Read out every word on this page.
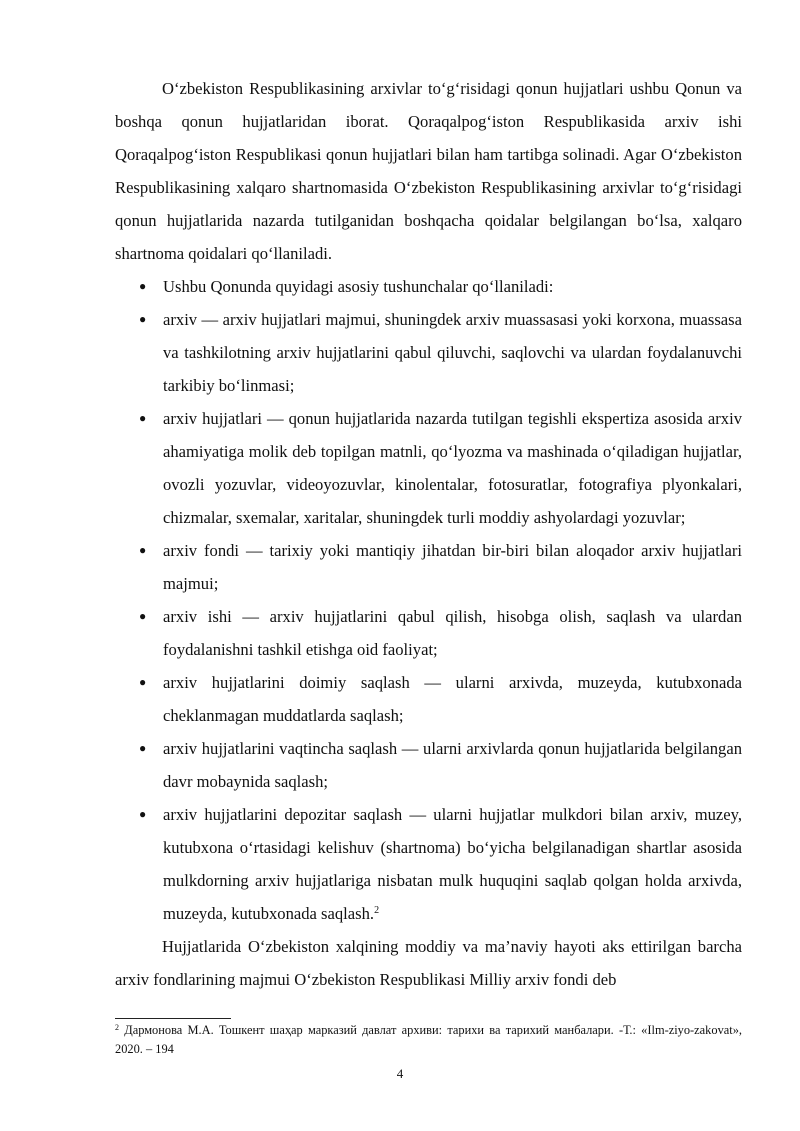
O‘zbekiston Respublikasining arxivlar to‘g‘risidagi qonun hujjatlari ushbu Qonun va boshqa qonun hujjatlaridan iborat. Qoraqalpog‘iston Respublikasida arxiv ishi Qoraqalpog‘iston Respublikasi qonun hujjatlari bilan ham tartibga solinadi. Agar O‘zbekiston Respublikasining xalqaro shartnomasida O‘zbekiston Respublikasining arxivlar to‘g‘risidagi qonun hujjatlarida nazarda tutilganidan boshqacha qoidalar belgilangan bo‘lsa, xalqaro shartnoma qoidalari qo‘llaniladi.

● Ushbu Qonunda quyidagi asosiy tushunchalar qo‘llaniladi:
● arxiv — arxiv hujjatlari majmui, shuningdek arxiv muassasasi yoki korxona, muassasa va tashkilotning arxiv hujjatlarini qabul qiluvchi, saqlovchi va ulardan foydalanuvchi tarkibiy bo‘linmasi;
● arxiv hujjatlari — qonun hujjatlarida nazarda tutilgan tegishli ekspertiza asosida arxiv ahamiyatiga molik deb topilgan matnli, qo‘lyozma va mashinada o‘qiladigan hujjatlar, ovozli yozuvlar, videoyozuvlar, kinolentalar, fotosuratlar, fotografiya plyonkalari, chizmalar, sxemalar, xaritalar, shuningdek turli moddiy ashyolardagi yozuvlar;
● arxiv fondi — tarixiy yoki mantiqiy jihatdan bir-biri bilan aloqador arxiv hujjatlari majmui;
● arxiv ishi — arxiv hujjatlarini qabul qilish, hisobga olish, saqlash va ulardan foydalanishni tashkil etishga oid faoliyat;
● arxiv hujjatlarini doimiy saqlash — ularni arxivda, muzeyda, kutubxonada cheklanmagan muddatlarda saqlash;
● arxiv hujjatlarini vaqtincha saqlash — ularni arxivlarda qonun hujjatlarida belgilangan davr mobaynida saqlash;
● arxiv hujjatlarini depozitar saqlash — ularni hujjatlar mulkdori bilan arxiv, muzey, kutubxona o‘rtasidagi kelishuv (shartnoma) bo‘yicha belgilanadigan shartlar asosida mulkdorning arxiv hujjatlariga nisbatan mulk huquqini saqlab qolgan holda arxivda, muzeyda, kutubxonada saqlash.$^2$

Hujjatlarida O‘zbekiston xalqining moddiy va ma’naviy hayoti aks ettirilgan barcha arxiv fondlarining majmui O‘zbekiston Respublikasi Milliy arxiv fondi deb

$^2$ Дармонова М.А. Тошкент шаҳар марказий давлат архиви: тарихи ва тарихий манбалари. -Т.: «Ilm-ziyo-zakovat», 2020. – 194
4
